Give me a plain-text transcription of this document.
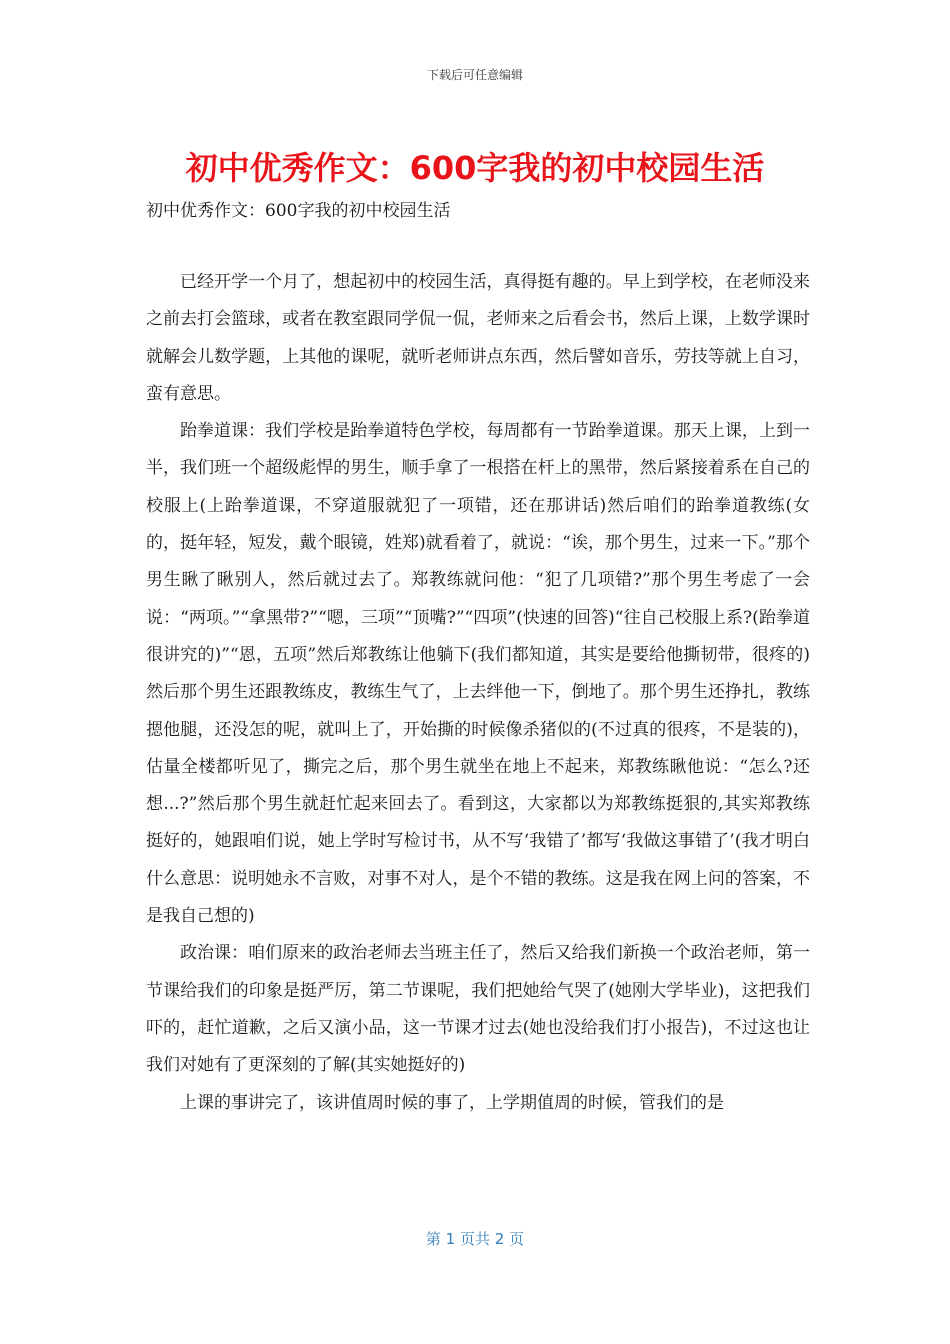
下载后可任意编辑
初中优秀作文：600字我的初中校园生活
初中优秀作文：600字我的初中校园生活

已经开学一个月了，想起初中的校园生活，真得挺有趣的。早上到学校，在老师没来之前去打会篮球，或者在教室跟同学侃一侃，老师来之后看会书，然后上课，上数学课时就解会儿数学题，上其他的课呢，就听老师讲点东西，然后譬如音乐，劳技等就上自习，蛮有意思。

跆拳道课：我们学校是跆拳道特色学校，每周都有一节跆拳道课。那天上课，上到一半，我们班一个超级彪悍的男生，顺手拿了一根搭在杆上的黑带，然后紧接着系在自己的校服上(上跆拳道课，不穿道服就犯了一项错，还在那讲话)然后咱们的跆拳道教练(女的，挺年轻，短发，戴个眼镜，姓郑)就看着了，就说：“诶，那个男生，过来一下。”那个男生瞅了瞅别人，然后就过去了。郑教练就问他：“犯了几项错?”那个男生考虑了一会说：“两项。”“拿黑带?”“嗯，三项”“顶嘴?”“四项”(快速的回答)“往自己校服上系?(跆拳道很讲究的)”“恩，五项”然后郑教练让他躺下(我们都知道，其实是要给他撕韧带，很疼的)然后那个男生还跟教练皮，教练生气了，上去绊他一下，倒地了。那个男生还挣扎，教练摁他腿，还没怎的呢，就叫上了，开始撕的时候像杀猪似的(不过真的很疼，不是装的)，估量全楼都听见了，撕完之后，那个男生就坐在地上不起来，郑教练瞅他说：“怎么?还想...?”然后那个男生就赶忙起来回去了。看到这，大家都以为郑教练挺狠的,其实郑教练挺好的，她跟咱们说，她上学时写检讨书，从不写‘我错了’都写‘我做这事错了’(我才明白什么意思：说明她永不言败，对事不对人，是个不错的教练。这是我在网上问的答案，不是我自己想的)

政治课：咱们原来的政治老师去当班主任了，然后又给我们新换一个政治老师，第一节课给我们的印象是挺严厉，第二节课呢，我们把她给气哭了(她刚大学毕业)，这把我们吓的，赶忙道歉，之后又演小品，这一节课才过去(她也没给我们打小报告)，不过这也让我们对她有了更深刻的了解(其实她挺好的)

上课的事讲完了，该讲值周时候的事了，上学期值周的时候，管我们的是

第 1 页共 2 页
